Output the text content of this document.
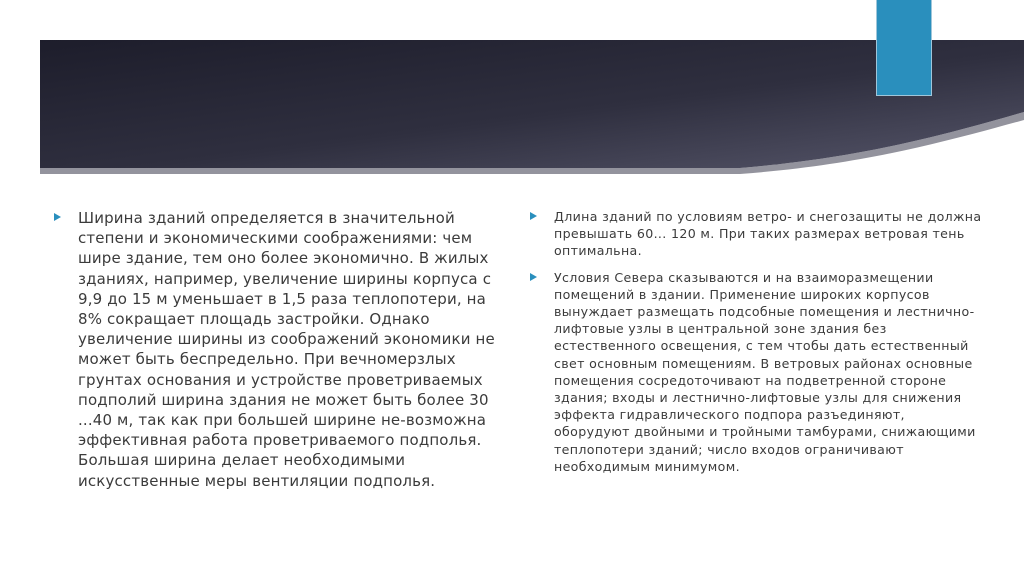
Ширина зданий определяется в значительной степени и экономическими соображениями: чем шире здание, тем оно более экономично. В жилых зданиях, например, увеличение ширины корпуса с 9,9 до 15 м уменьшает в 1,5 раза теплопотери, на 8% сокращает площадь застройки. Однако увеличение ширины из соображений экономики не может быть беспредельно. При вечномерзлых грунтах основания и устройстве проветриваемых подполий ширина здания не может быть более 30 ...40 м, так как при большей ширине не-возможна эффективная работа проветриваемого подполья. Большая ширина делает необходимыми искусственные меры вентиляции подполья.

Длина зданий по условиям ветро- и снегозащиты не должна превышать 60... 120 м. При таких размерах ветровая тень оптимальна.

Условия Севера сказываются и на взаиморазмещении помещений в здании. Применение широких корпусов вынуждает размещать подсобные помещения и лестнично-лифтовые узлы в центральной зоне здания без естественного освещения, с тем чтобы дать естественный свет основным помещениям. В ветровых районах основные помещения сосредоточивают на подветренной стороне здания; входы и лестнично-лифтовые узлы для снижения эффекта гидравлического подпора разъединяют, оборудуют двойными и тройными тамбурами, снижающими теплопотери зданий; число входов ограничивают необходимым минимумом.
